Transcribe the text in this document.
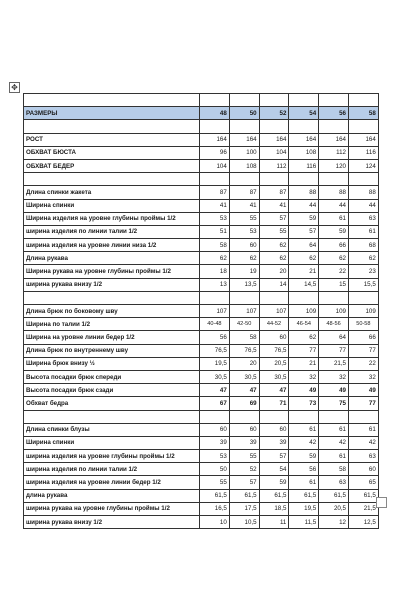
✥

РАЗМЕРЫ	48	50	52	54	56	58

РОСТ	164	164	164	164	164	164
ОБХВАТ БЮСТА	96	100	104	108	112	116
ОБХВАТ БЕДЕР	104	108	112	116	120	124

Длина спинки жакета	87	87	87	88	88	88
Ширина спинки	41	41	41	44	44	44
Ширина изделия на уровне глубины проймы 1/2	53	55	57	59	61	63
ширина изделия по линии талии 1/2	51	53	55	57	59	61
ширина изделия на уровне линии низа 1/2	58	60	62	64	66	68
Длина рукава	62	62	62	62	62	62
Ширина рукава на уровне глубины проймы 1/2	18	19	20	21	22	23
ширина рукава внизу 1/2	13	13,5	14	14,5	15	15,5

Длина брюк по боковому шву	107	107	107	109	109	109
Ширина по талии 1/2	40-48	42-50	44-52	46-54	48-56	50-58
Ширина на уровне линии бедер 1/2	56	58	60	62	64	66
Длина брюк по внутреннему шву	76,5	76,5	76,5	77	77	77
Ширина брюк внизу ½	19,5	20	20,5	21	21,5	22
Высота посадки брюк спереди	30,5	30,5	30,5	32	32	32
Высота посадки брюк сзади	47	47	47	49	49	49
Обхват бедра	67	69	71	73	75	77

Длина спинки блузы	60	60	60	61	61	61
Ширина спинки	39	39	39	42	42	42
ширина изделия на уровне глубины проймы 1/2	53	55	57	59	61	63
ширина изделия по линии талии 1/2	50	52	54	56	58	60
ширина изделия на уровне линии бедер 1/2	55	57	59	61	63	65
длина рукава	61,5	61,5	61,5	61,5	61,5	61,5
ширина рукава на уровне глубины проймы 1/2	16,5	17,5	18,5	19,5	20,5	21,5
ширина рукава внизу 1/2	10	10,5	11	11,5	12	12,5
